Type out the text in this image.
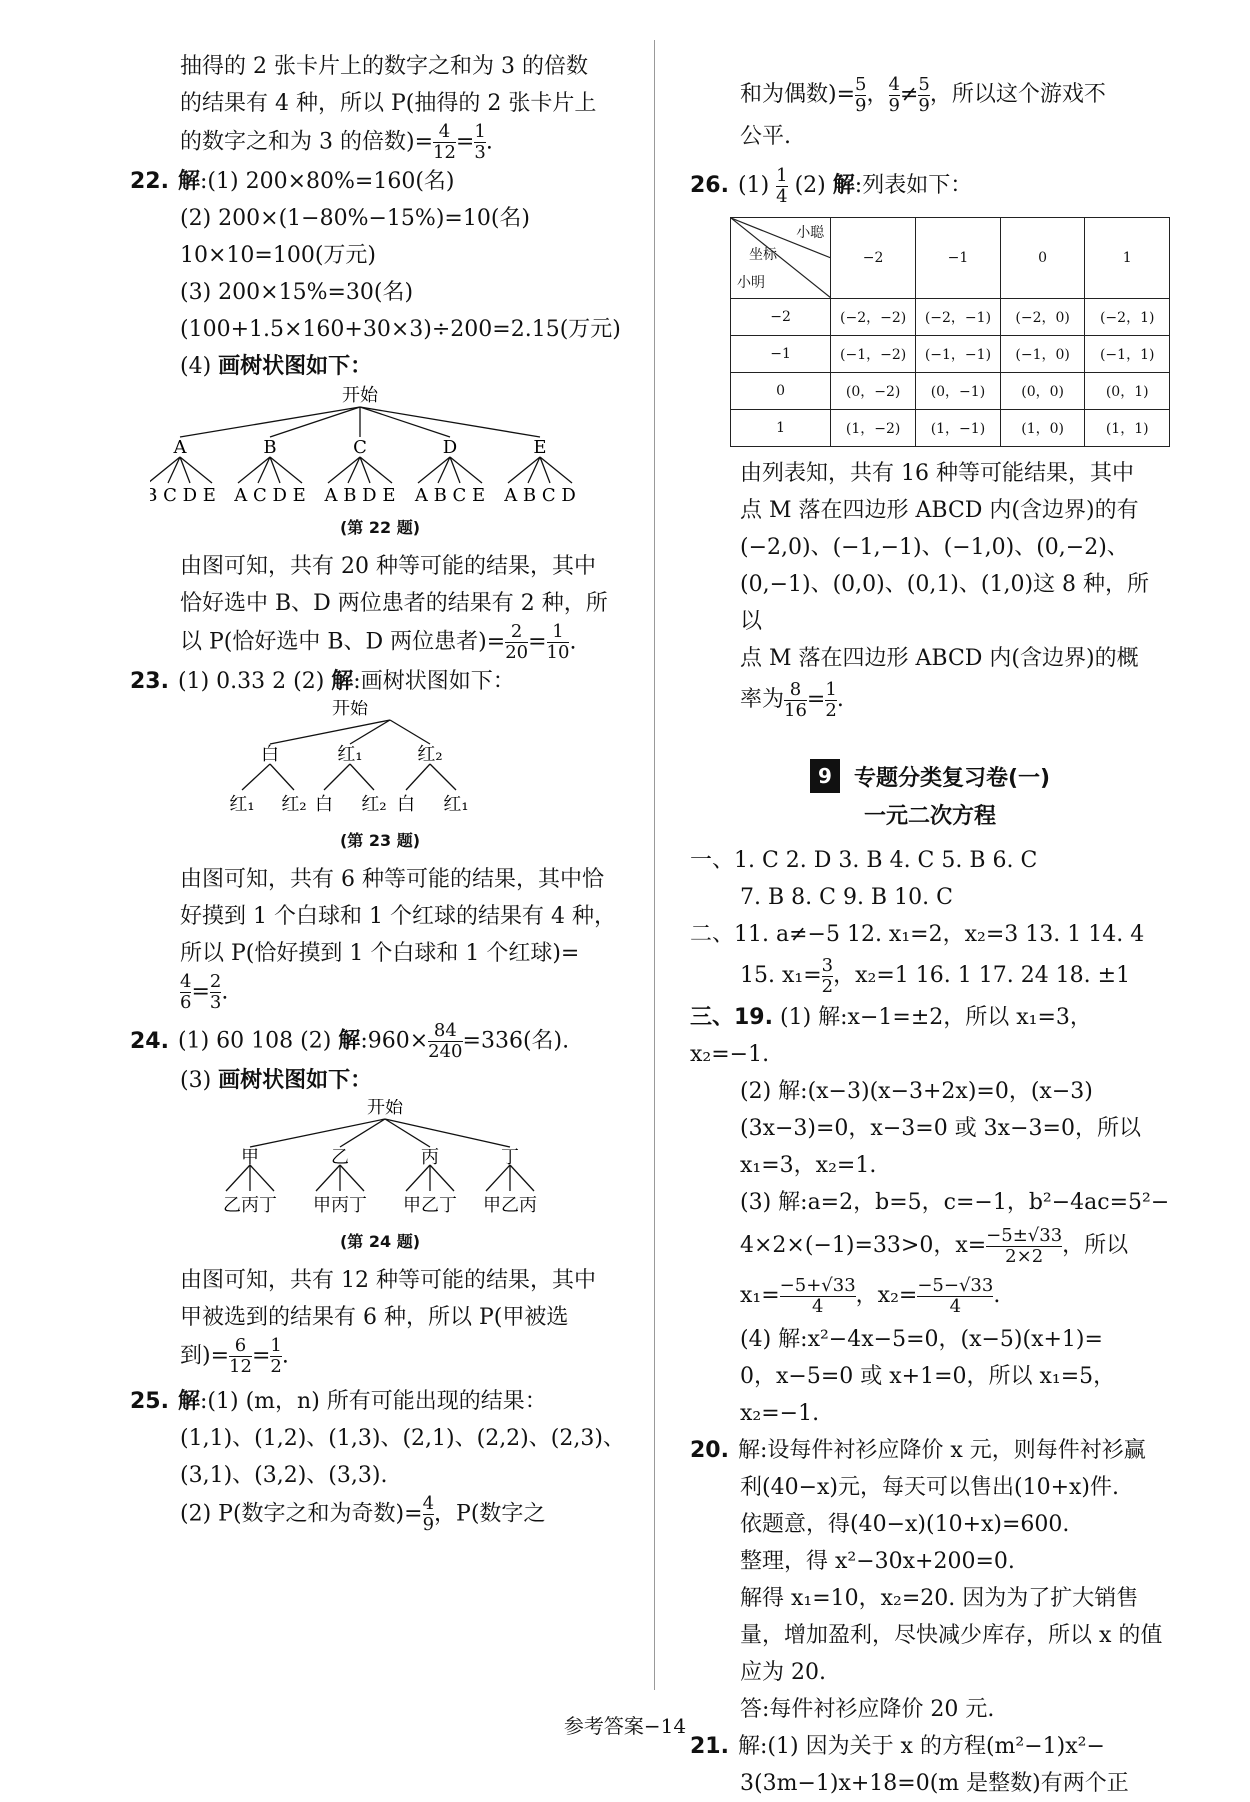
抽得的 2 张卡片上的数字之和为 3 的倍数

的结果有 4 种，所以 P(抽得的 2 张卡片上

的数字之和为 3 的倍数)= $\frac{4}{12} = \frac{1}{3}$ .

22. 解:(1) 200×80%=160(名)

(2) 200×(1−80%−15%)=10(名)

10×10=100(万元)

(3) 200×15%=30(名)

(100+1.5×160+30×3)÷200=2.15(万元)

(4) 画树状图如下：

开始
A	B	C	D	E
B C D E A C D E A B D E A B C E A B C D
(第 22 题)

由图可知，共有 20 种等可能的结果，其中

恰好选中 B、D 两位患者的结果有 2 种，所

以 P(恰好选中 B、D 两位患者)= $\frac{2}{20} = \frac{1}{10}$ .

23. (1) 0.33 2 (2) 解:画树状图如下：

开始
白	红₁	红₂
红₁ 红₂ 白 红₂ 白 红₁
(第 23 题)

由图可知，共有 6 种等可能的结果，其中恰

好摸到 1 个白球和 1 个红球的结果有 4 种，

所以 P(恰好摸到 1 个白球和 1 个红球)=

$\frac{4}{6} = \frac{2}{3}$ .

24. (1) 60 108 (2) 解:960× $\frac{84}{240} =336$(名).

(3) 画树状图如下：

开始
甲	乙	丙	丁
乙丙丁 甲丙丁 甲乙丁 甲乙丙
(第 24 题)

由图可知，共有 12 种等可能的结果，其中

甲被选到的结果有 6 种，所以 P(甲被选

到)= $\frac{6}{12} = \frac{1}{2}$ .

25. 解:(1) (m，n) 所有可能出现的结果：

(1,1)、(1,2)、(1,3)、(2,1)、(2,2)、(2,3)、

(3,1)、(3,2)、(3,3).

(2) P(数字之和为奇数)= $\frac{4}{9}$ ，P(数字之

和为偶数)= $\frac{5}{9}$ ， $\frac{4}{9} \ne \frac{5}{9}$ ，所以这个游戏不

公平.

26. $(1) \frac{1}{4} (2)$ 解:列表如下：

小聪
坐标
小明	−2	−1	0	1
−2	(−2，−2)	(−2，−1)	(−2，0)	(−2，1)
−1	(−1，−2)	(−1，−1)	(−1，0)	(−1，1)
0	(0，−2)	(0，−1)	(0，0)	(0，1)
1	(1，−2)	(1，−1)	(1，0)	(1，1)

由列表知，共有 16 种等可能结果，其中

点 M 落在四边形 ABCD 内(含边界)的有

(−2,0)、(−1,−1)、(−1,0)、(0,−2)、

(0,−1)、(0,0)、(0,1)、(1,0)这 8 种，所以

点 M 落在四边形 ABCD 内(含边界)的概

率为 $\frac{8}{16} = \frac{1}{2}$ .

9	专题分类复习卷(一)
一元二次方程

一、1. C 2. D 3. B 4. C 5. B 6. C

7. B 8. C 9. B 10. C

二、11. a≠−5 12. x₁=2，x₂=3 13. 1 14. 4

15. $x_1= \frac{3}{2}$ ，x₂=1 16. 1 17. 24 18. ±1

三、19. (1) 解:x−1=±2，所以 x₁=3，x₂=−1.

(2) 解:(x−3)(x−3+2x)=0，(x−3)

(3x−3)=0，x−3=0 或 3x−3=0，所以

x₁=3，x₂=1.

(3) 解:a=2，b=5，c=−1，b²−4ac=5²−

4×2×(−1)=33>0，$x= \frac{-5\pm√33}{2\times 2}$ ，所以

$x_1= \frac{-5+√33}{4}$ ，$x_2= \frac{-5-√33}{4}$ .

(4) 解:x²−4x−5=0，(x−5)(x+1)=

0，x−5=0 或 x+1=0，所以 x₁=5，

x₂=−1.

20. 解:设每件衬衫应降价 x 元，则每件衬衫赢

利(40−x)元，每天可以售出(10+x)件.

依题意，得(40−x)(10+x)=600.

整理，得 x²−30x+200=0.

解得 x₁=10，x₂=20. 因为为了扩大销售

量，增加盈利，尽快减少库存，所以 x 的值

应为 20.

答:每件衬衫应降价 20 元.

21. 解:(1) 因为关于 x 的方程(m²−1)x²−

3(3m−1)x+18=0(m 是整数)有两个正

参考答案−14
